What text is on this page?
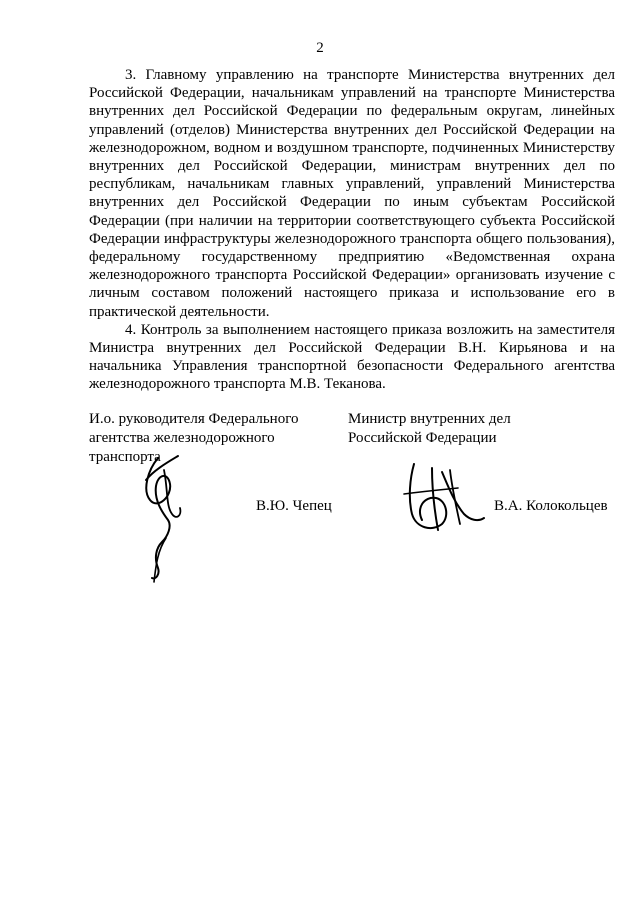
2

3. Главному управлению на транспорте Министерства внутренних дел Российской Федерации, начальникам управлений на транспорте Министерства внутренних дел Российской Федерации по федеральным округам, линейных управлений (отделов) Министерства внутренних дел Российской Федерации на железнодорожном, водном и воздушном транспорте, подчиненных Министерству внутренних дел Российской Федерации, министрам внутренних дел по республикам, начальникам главных управлений, управлений Министерства внутренних дел Российской Федерации по иным субъектам Российской Федерации (при наличии на территории соответствующего субъекта Российской Федерации инфраструктуры железнодорожного транспорта общего пользования), федеральному государственному предприятию «Ведомственная охрана железнодорожного транспорта Российской Федерации» организовать изучение с личным составом положений настоящего приказа и использование его в практической деятельности.

4. Контроль за выполнением настоящего приказа возложить на заместителя Министра внутренних дел Российской Федерации В.Н. Кирьянова и на начальника Управления транспортной безопасности Федерального агентства железнодорожного транспорта М.В. Теканова.

И.о. руководителя Федерального
агентства железнодорожного
транспорта
Министр внутренних дел
Российской Федерации
В.Ю. Чепец	В.А. Колокольцев
